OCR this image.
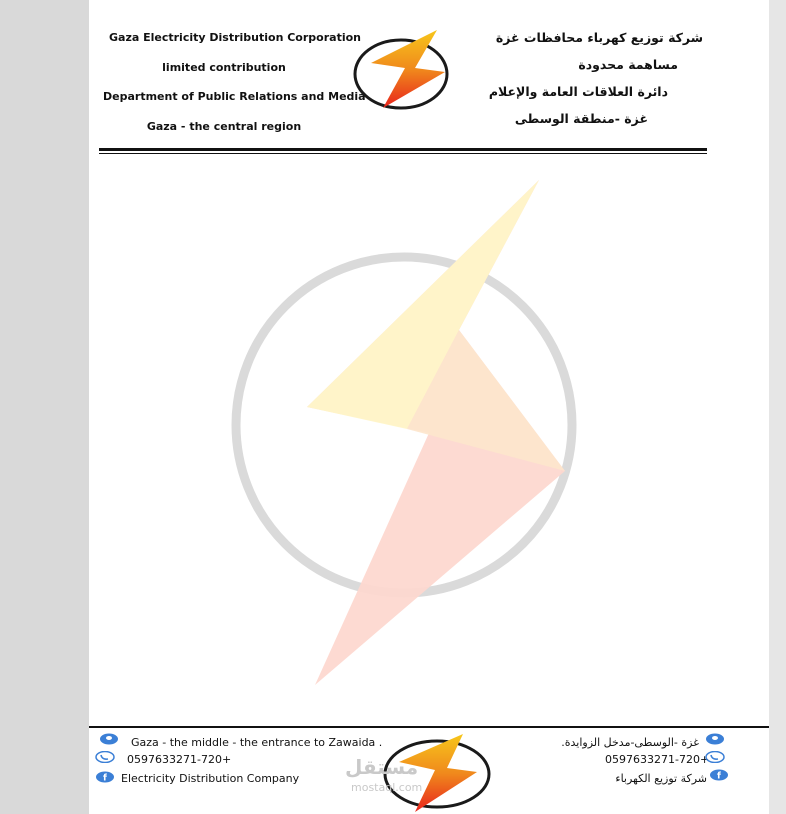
Gaza Electricity Distribution Corporation
limited contribution
Department of Public Relations and Media
Gaza - the central region
شركة توزيع كهرباء محافظات غزة
مساهمة محدودة
دائرة العلاقات العامة والإعلام
غزة -منطقة الوسطى
Gaza - the middle - the entrance to Zawaida .
0597633271-720+
f Electricity Distribution Company مستقل
mostaql.com
غزة -الوسطى-مدخل الزوايدة.
0597633271-720+
شركة توزيع الكهرباء f
